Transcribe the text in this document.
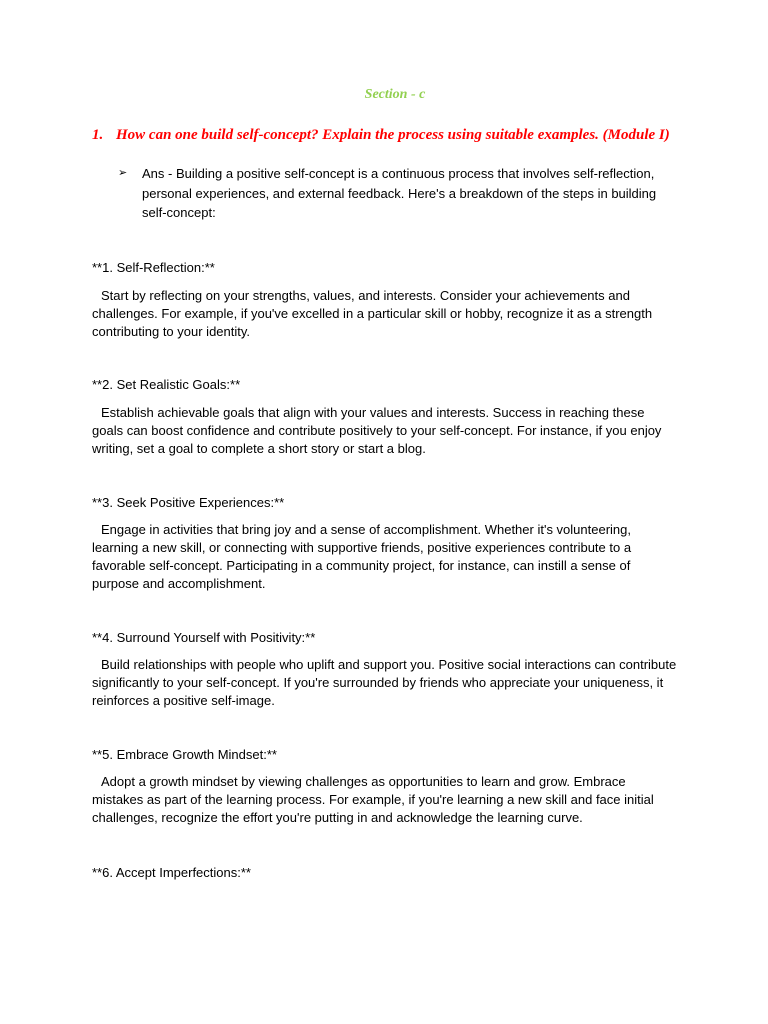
Section - c
1. How can one build self-concept? Explain the process using suitable examples. (Module I)
➢	Ans - Building a positive self-concept is a continuous process that involves self-reflection, personal experiences, and external feedback. Here's a breakdown of the steps in building self-concept:
**1. Self-Reflection:**
Start by reflecting on your strengths, values, and interests. Consider your achievements and challenges. For example, if you've excelled in a particular skill or hobby, recognize it as a strength contributing to your identity.
**2. Set Realistic Goals:**
Establish achievable goals that align with your values and interests. Success in reaching these goals can boost confidence and contribute positively to your self-concept. For instance, if you enjoy writing, set a goal to complete a short story or start a blog.
**3. Seek Positive Experiences:**
Engage in activities that bring joy and a sense of accomplishment. Whether it's volunteering, learning a new skill, or connecting with supportive friends, positive experiences contribute to a favorable self-concept. Participating in a community project, for instance, can instill a sense of purpose and accomplishment.
**4. Surround Yourself with Positivity:**
Build relationships with people who uplift and support you. Positive social interactions can contribute significantly to your self-concept. If you're surrounded by friends who appreciate your uniqueness, it reinforces a positive self-image.
**5. Embrace Growth Mindset:**
Adopt a growth mindset by viewing challenges as opportunities to learn and grow. Embrace mistakes as part of the learning process. For example, if you're learning a new skill and face initial challenges, recognize the effort you're putting in and acknowledge the learning curve.
**6. Accept Imperfections:**
